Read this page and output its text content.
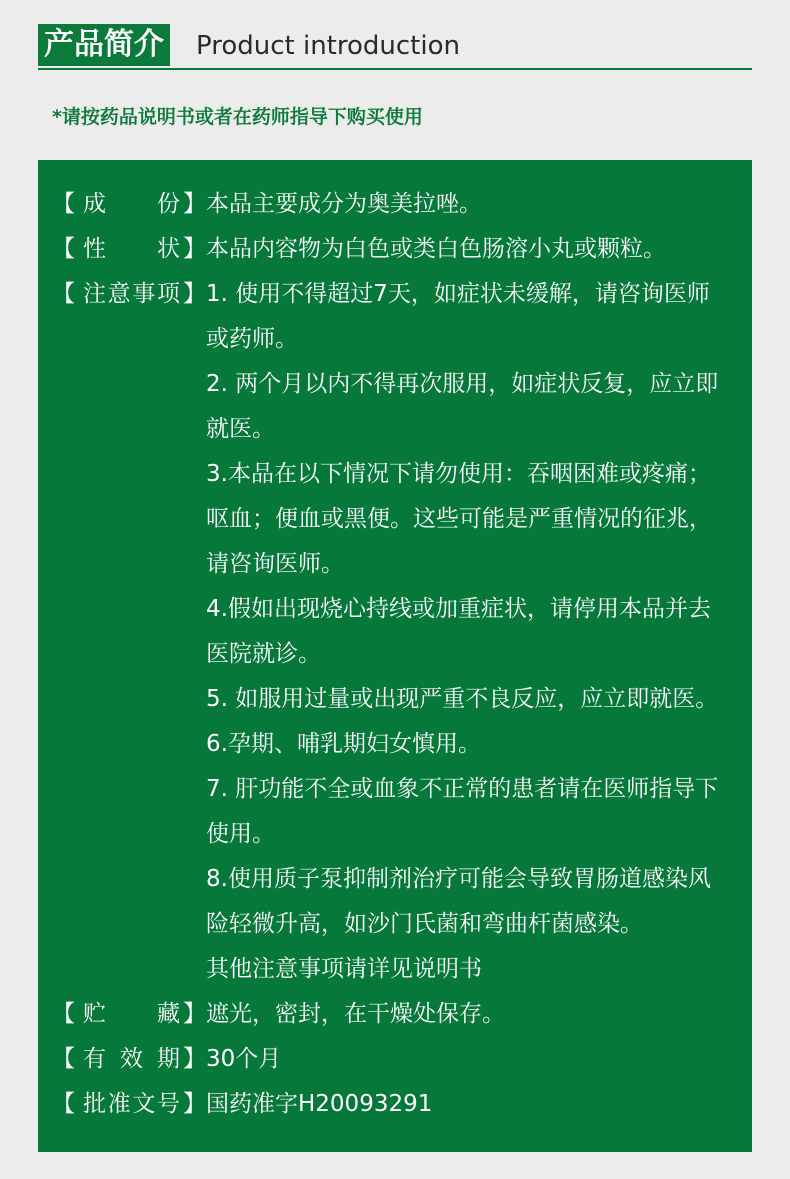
产品简介 Product introduction
*请按药品说明书或者在药师指导下购买使用
【 成 份 】 本品主要成分为奥美拉唑。
【 性 状 】 本品内容物为白色或类白色肠溶小丸或颗粒。
【 注 意 事 项 】 1. 使用不得超过7天，如症状未缓解，请咨询医师或药师。
2. 两个月以内不得再次服用，如症状反复，应立即就医。
3.本品在以下情况下请勿使用：吞咽困难或疼痛；呕血；便血或黑便。这些可能是严重情况的征兆，请咨询医师。
4.假如出现烧心持线或加重症状，请停用本品并去医院就诊。
5. 如服用过量或出现严重不良反应，应立即就医。
6.孕期、哺乳期妇女慎用。
7. 肝功能不全或血象不正常的患者请在医师指导下使用。
8.使用质子泵抑制剂治疗可能会导致胃肠道感染风险轻微升高，如沙门氏菌和弯曲杆菌感染。
其他注意事项请详见说明书
【 贮 藏 】 遮光，密封，在干燥处保存。
【 有 效 期 】 30个月
【 批 准 文 号 】 国药准字H20093291
